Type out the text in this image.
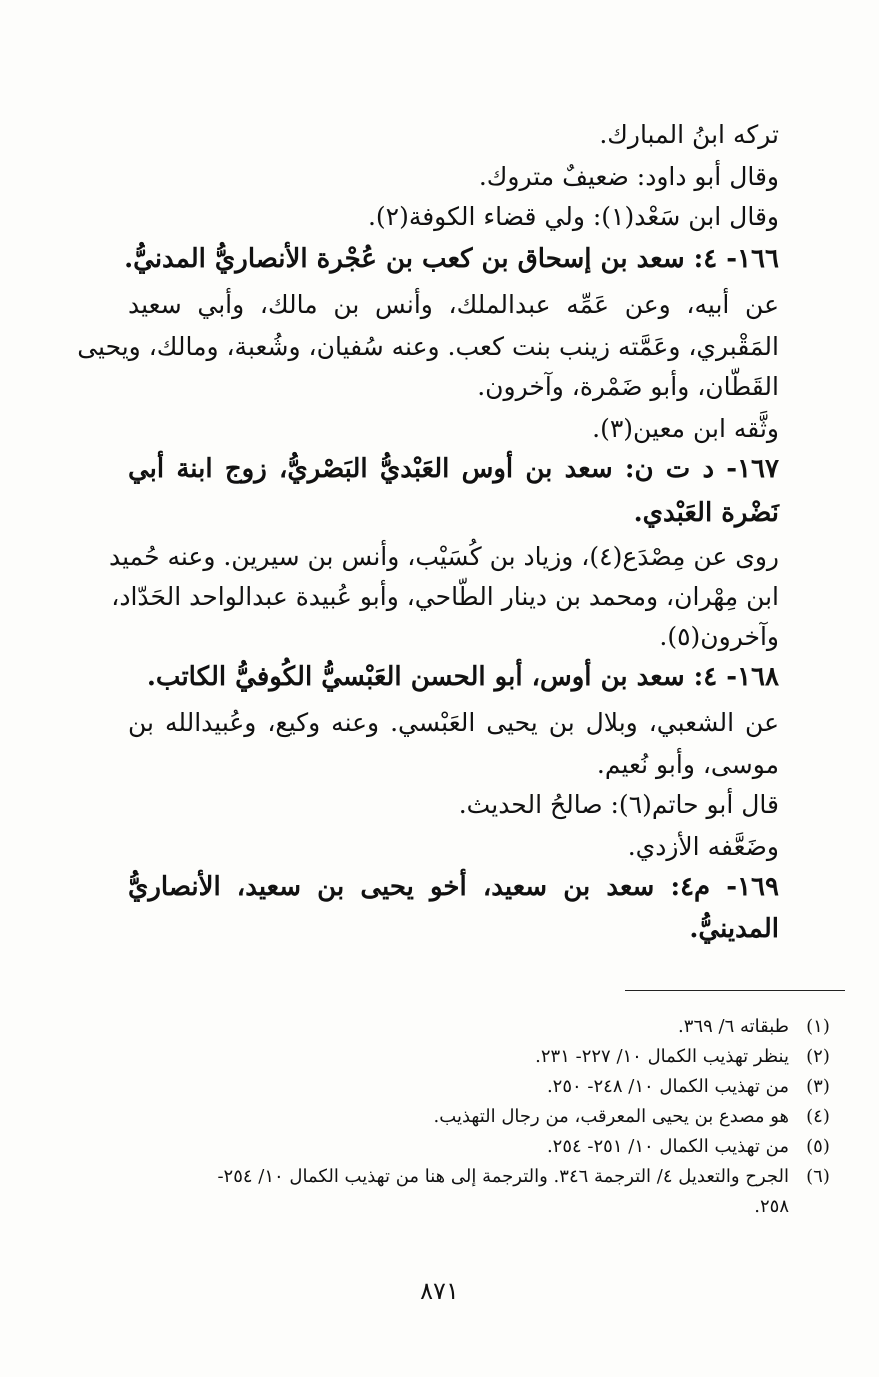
تركه ابنُ المبارك.
وقال أبو داود: ضعيفٌ متروك.
وقال ابن سَعْد(١): ولي قضاء الكوفة(٢).
١٦٦- ٤: سعد بن إسحاق بن كعب بن عُجْرة الأنصاريُّ المدنيُّ.
عن أبيه، وعن عَمِّه عبدالملك، وأنس بن مالك، وأبي سعيد
المَقْبري، وعَمَّته زينب بنت كعب. وعنه سُفيان، وشُعبة، ومالك، ويحيى
القَطّان، وأبو ضَمْرة، وآخرون.
وثَّقه ابن معين(٣).
١٦٧- د ت ن: سعد بن أوس العَبْديُّ البَصْريُّ، زوج ابنة أبي
نَضْرة العَبْدي.
روى عن مِصْدَع(٤)، وزياد بن كُسَيْب، وأنس بن سيرين. وعنه حُميد
ابن مِهْران، ومحمد بن دينار الطّاحي، وأبو عُبيدة عبدالواحد الحَدّاد،
وآخرون(٥).
١٦٨- ٤: سعد بن أوس، أبو الحسن العَبْسيُّ الكُوفيُّ الكاتب.
عن الشعبي، وبلال بن يحيى العَبْسي. وعنه وكيع، وعُبيدالله بن
موسى، وأبو نُعيم.
قال أبو حاتم(٦): صالحُ الحديث.
وضَعَّفه الأزدي.
١٦٩- م٤: سعد بن سعيد، أخو يحيى بن سعيد، الأنصاريُّ
المدينيُّ.
(١)طبقاته ٦/ ٣٦٩.
(٢)ينظر تهذيب الكمال ١٠/ ٢٢٧- ٢٣١.
(٣)من تهذيب الكمال ١٠/ ٢٤٨- ٢٥٠.
(٤)هو مصدع بن يحيى المعرقب، من رجال التهذيب.
(٥)من تهذيب الكمال ١٠/ ٢٥١- ٢٥٤.
(٦)الجرح والتعديل ٤/ الترجمة ٣٤٦. والترجمة إلى هنا من تهذيب الكمال ١٠/ ٢٥٤-
٢٥٨.
٨٧١
